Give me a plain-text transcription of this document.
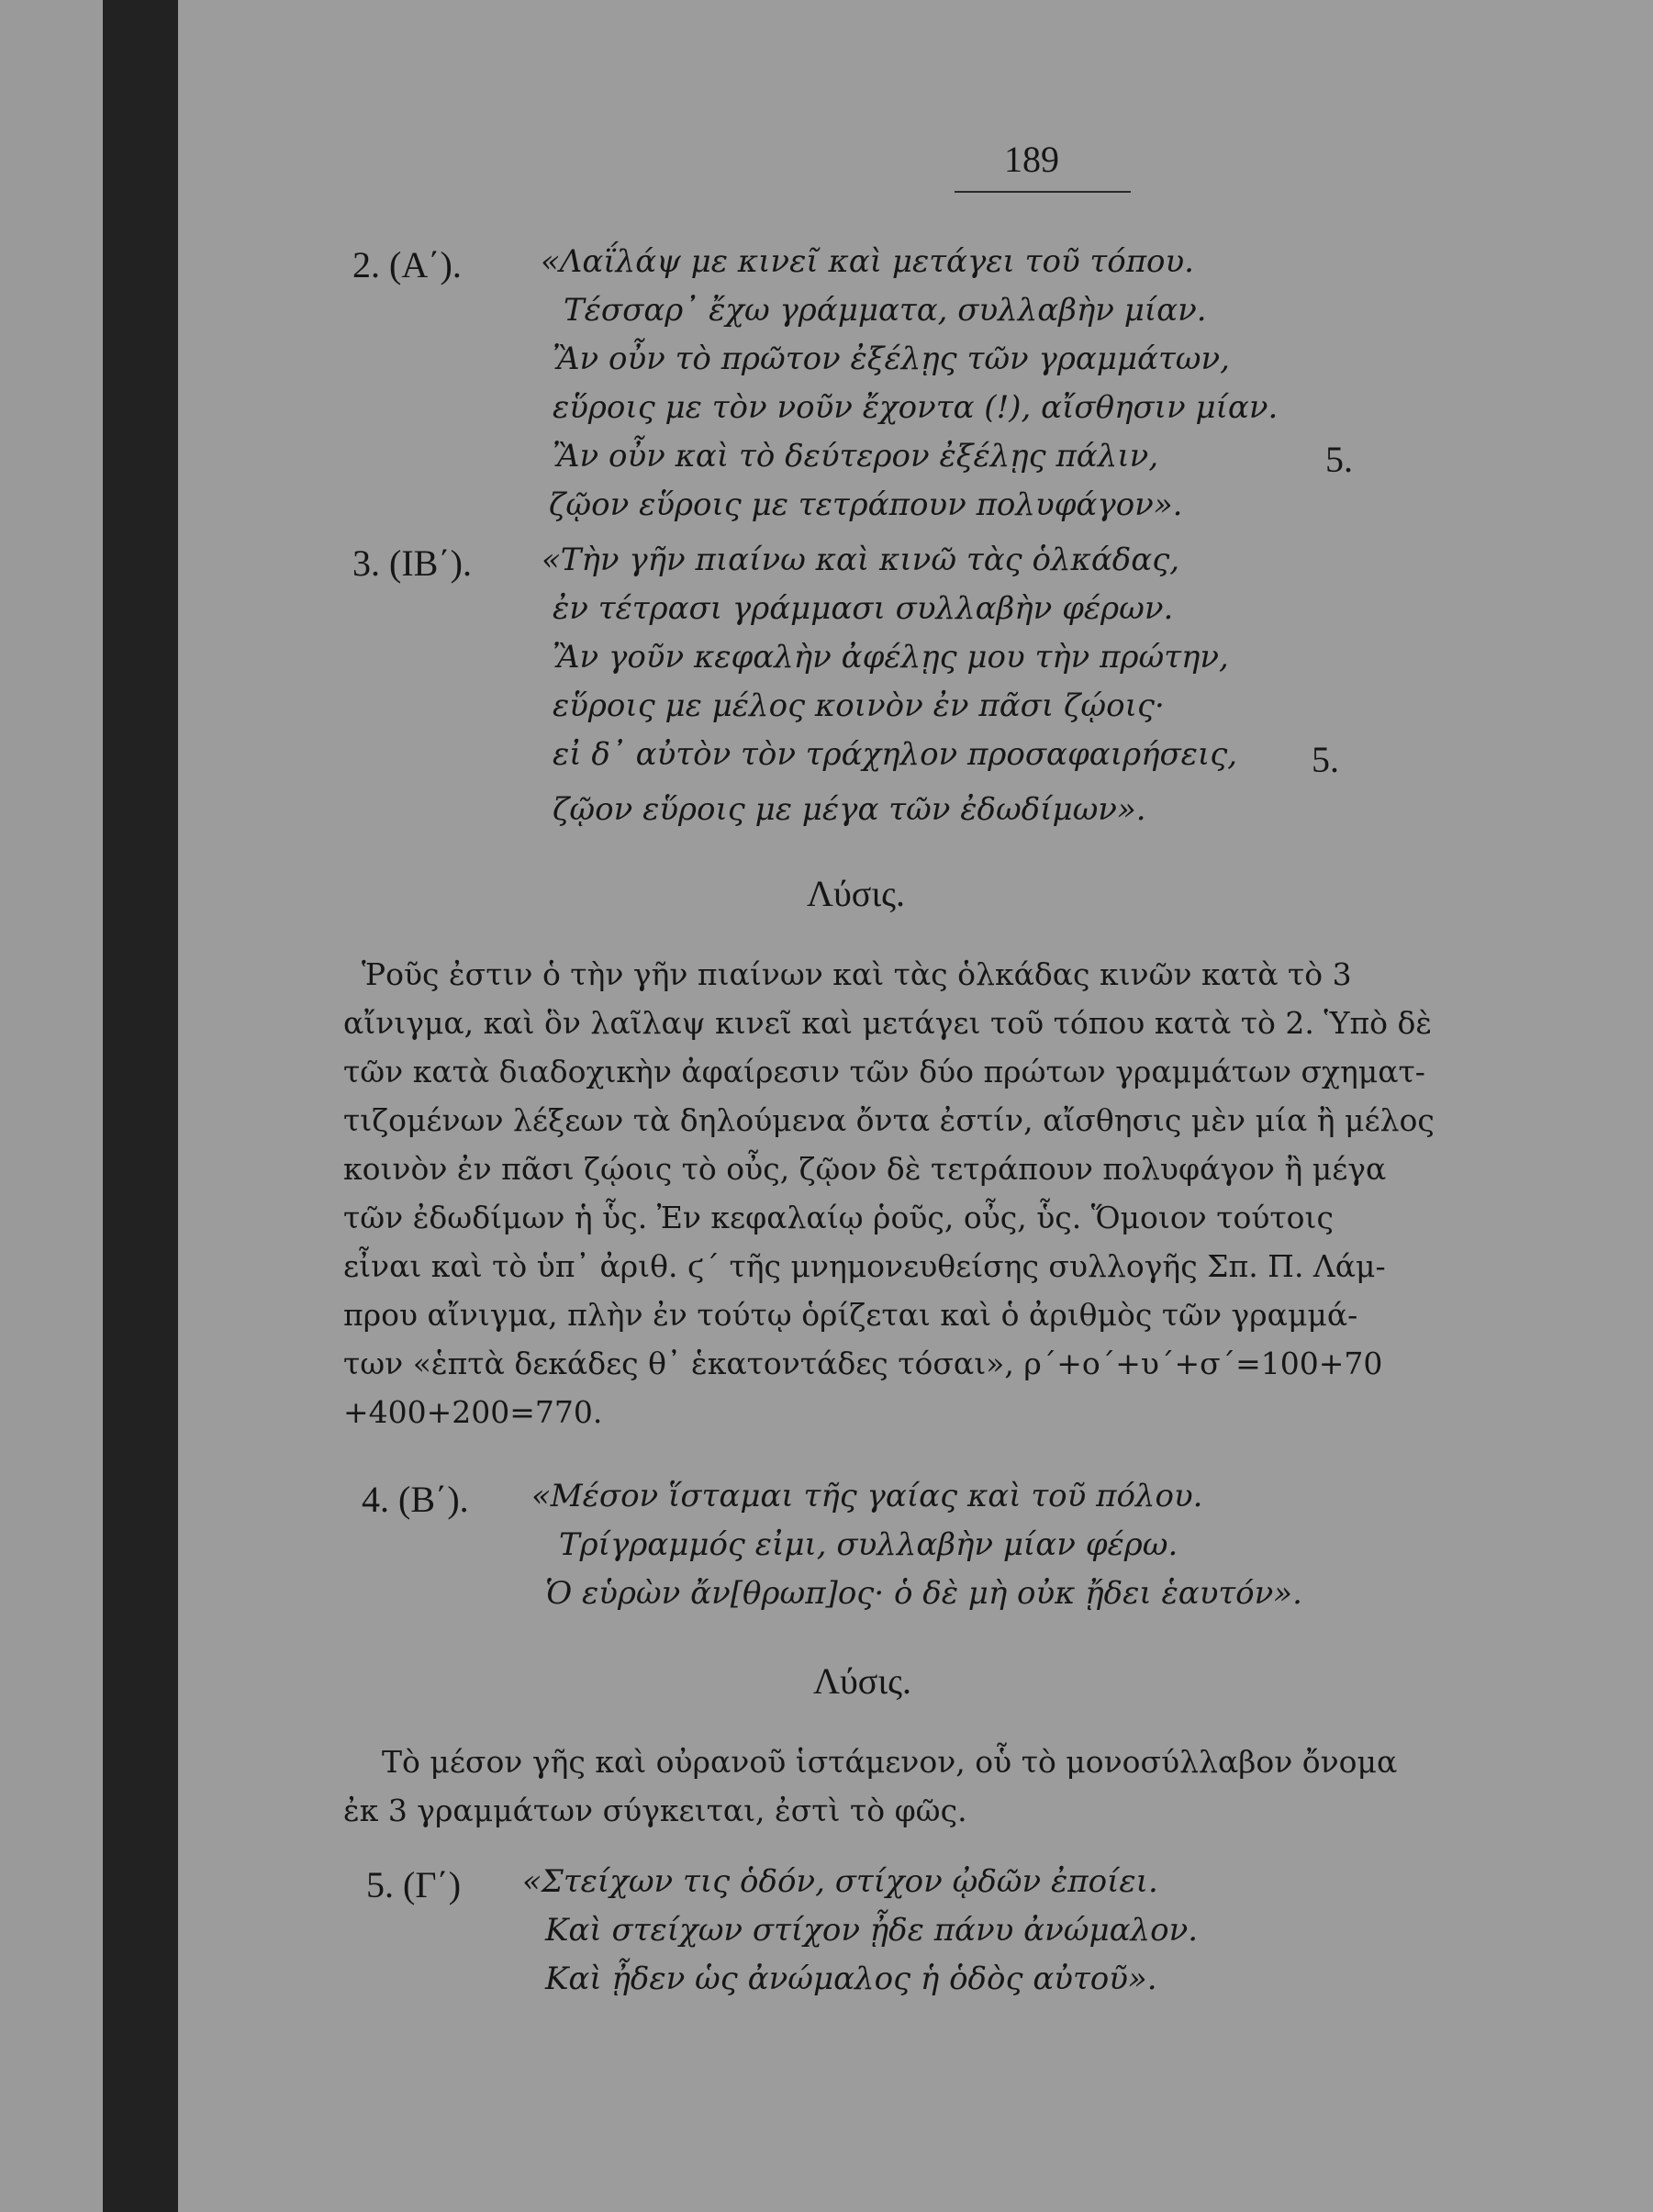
189
2. (Α΄).	«Λαΐλάψ με κινεῖ καὶ μετάγει τοῦ τόπου.
Τέσσαρ᾽ ἔχω γράμματα, συλλαβὴν μίαν.
Ἂν οὖν τὸ πρῶτον ἐξέλῃς τῶν γραμμάτων,
εὕροις με τὸν νοῦν ἔχοντα (!), αἴσθησιν μίαν.
Ἂν οὖν καὶ τὸ δεύτερον ἐξέλῃς πάλιν,	5.
ζῷον εὕροις με τετράπουν πολυφάγον».
3. (ΙΒ΄). «Τὴν γῆν πιαίνω καὶ κινῶ τὰς ὁλκάδας,
ἐν τέτρασι γράμμασι συλλαβὴν φέρων.
Ἂν γοῦν κεφαλὴν ἀφέλῃς μου τὴν πρώτην,
εὕροις με μέλος κοινὸν ἐν πᾶσι ζῴοις·
εἰ δ᾽ αὐτὸν τὸν τράχηλον προσαφαιρήσεις, 5.
ζῷον εὕροις με μέγα τῶν ἐδωδίμων».
Λύσις.
Ῥοῦς ἐστιν ὁ τὴν γῆν πιαίνων καὶ τὰς ὁλκάδας κινῶν κατὰ τὸ 3
αἴνιγμα, καὶ ὃν λαῖλαψ κινεῖ καὶ μετάγει τοῦ τόπου κατὰ τὸ 2. Ὑπὸ δὲ
τῶν κατὰ διαδοχικὴν ἀφαίρεσιν τῶν δύο πρώτων γραμμάτων σχηματ-
τιζομένων λέξεων τὰ δηλούμενα ὄντα ἐστίν, αἴσθησις μὲν μία ἢ μέλος
κοινὸν ἐν πᾶσι ζῴοις τὸ οὖς, ζῷον δὲ τετράπουν πολυφάγον ἢ μέγα
τῶν ἐδωδίμων ἡ ὗς. Ἐν κεφαλαίῳ ῥοῦς, οὖς, ὗς. Ὅμοιον τούτοις
εἶναι καὶ τὸ ὑπ᾽ ἀριθ. ϛ΄ τῆς μνημονευθείσης συλλογῆς Σπ. Π. Λάμ-
πρου αἴνιγμα, πλὴν ἐν τούτῳ ὁρίζεται καὶ ὁ ἀριθμὸς τῶν γραμμά-
των «ἑπτὰ δεκάδες θ᾽ ἑκατοντάδες τόσαι», ρ΄+ο΄+υ΄+σ΄=100+70
+400+200=770.
4. (Β΄). «Μέσον ἵσταμαι τῆς γαίας καὶ τοῦ πόλου.
Τρίγραμμός εἰμι, συλλαβὴν μίαν φέρω.
Ὁ εὑρὼν ἄν[θρωπ]ος· ὁ δὲ μὴ οὐκ ᾔδει ἑαυτόν».
Λύσις.
Τὸ μέσον γῆς καὶ οὐρανοῦ ἱστάμενον, οὗ τὸ μονοσύλλαβον ὄνομα
ἐκ 3 γραμμάτων σύγκειται, ἐστὶ τὸ φῶς.
5. (Γ΄) «Στείχων τις ὁδόν, στίχον ᾠδῶν ἐποίει.
Καὶ στείχων στίχον ᾖδε πάνυ ἀνώμαλον.
Καὶ ᾖδεν ὡς ἀνώμαλος ἡ ὁδὸς αὐτοῦ».
